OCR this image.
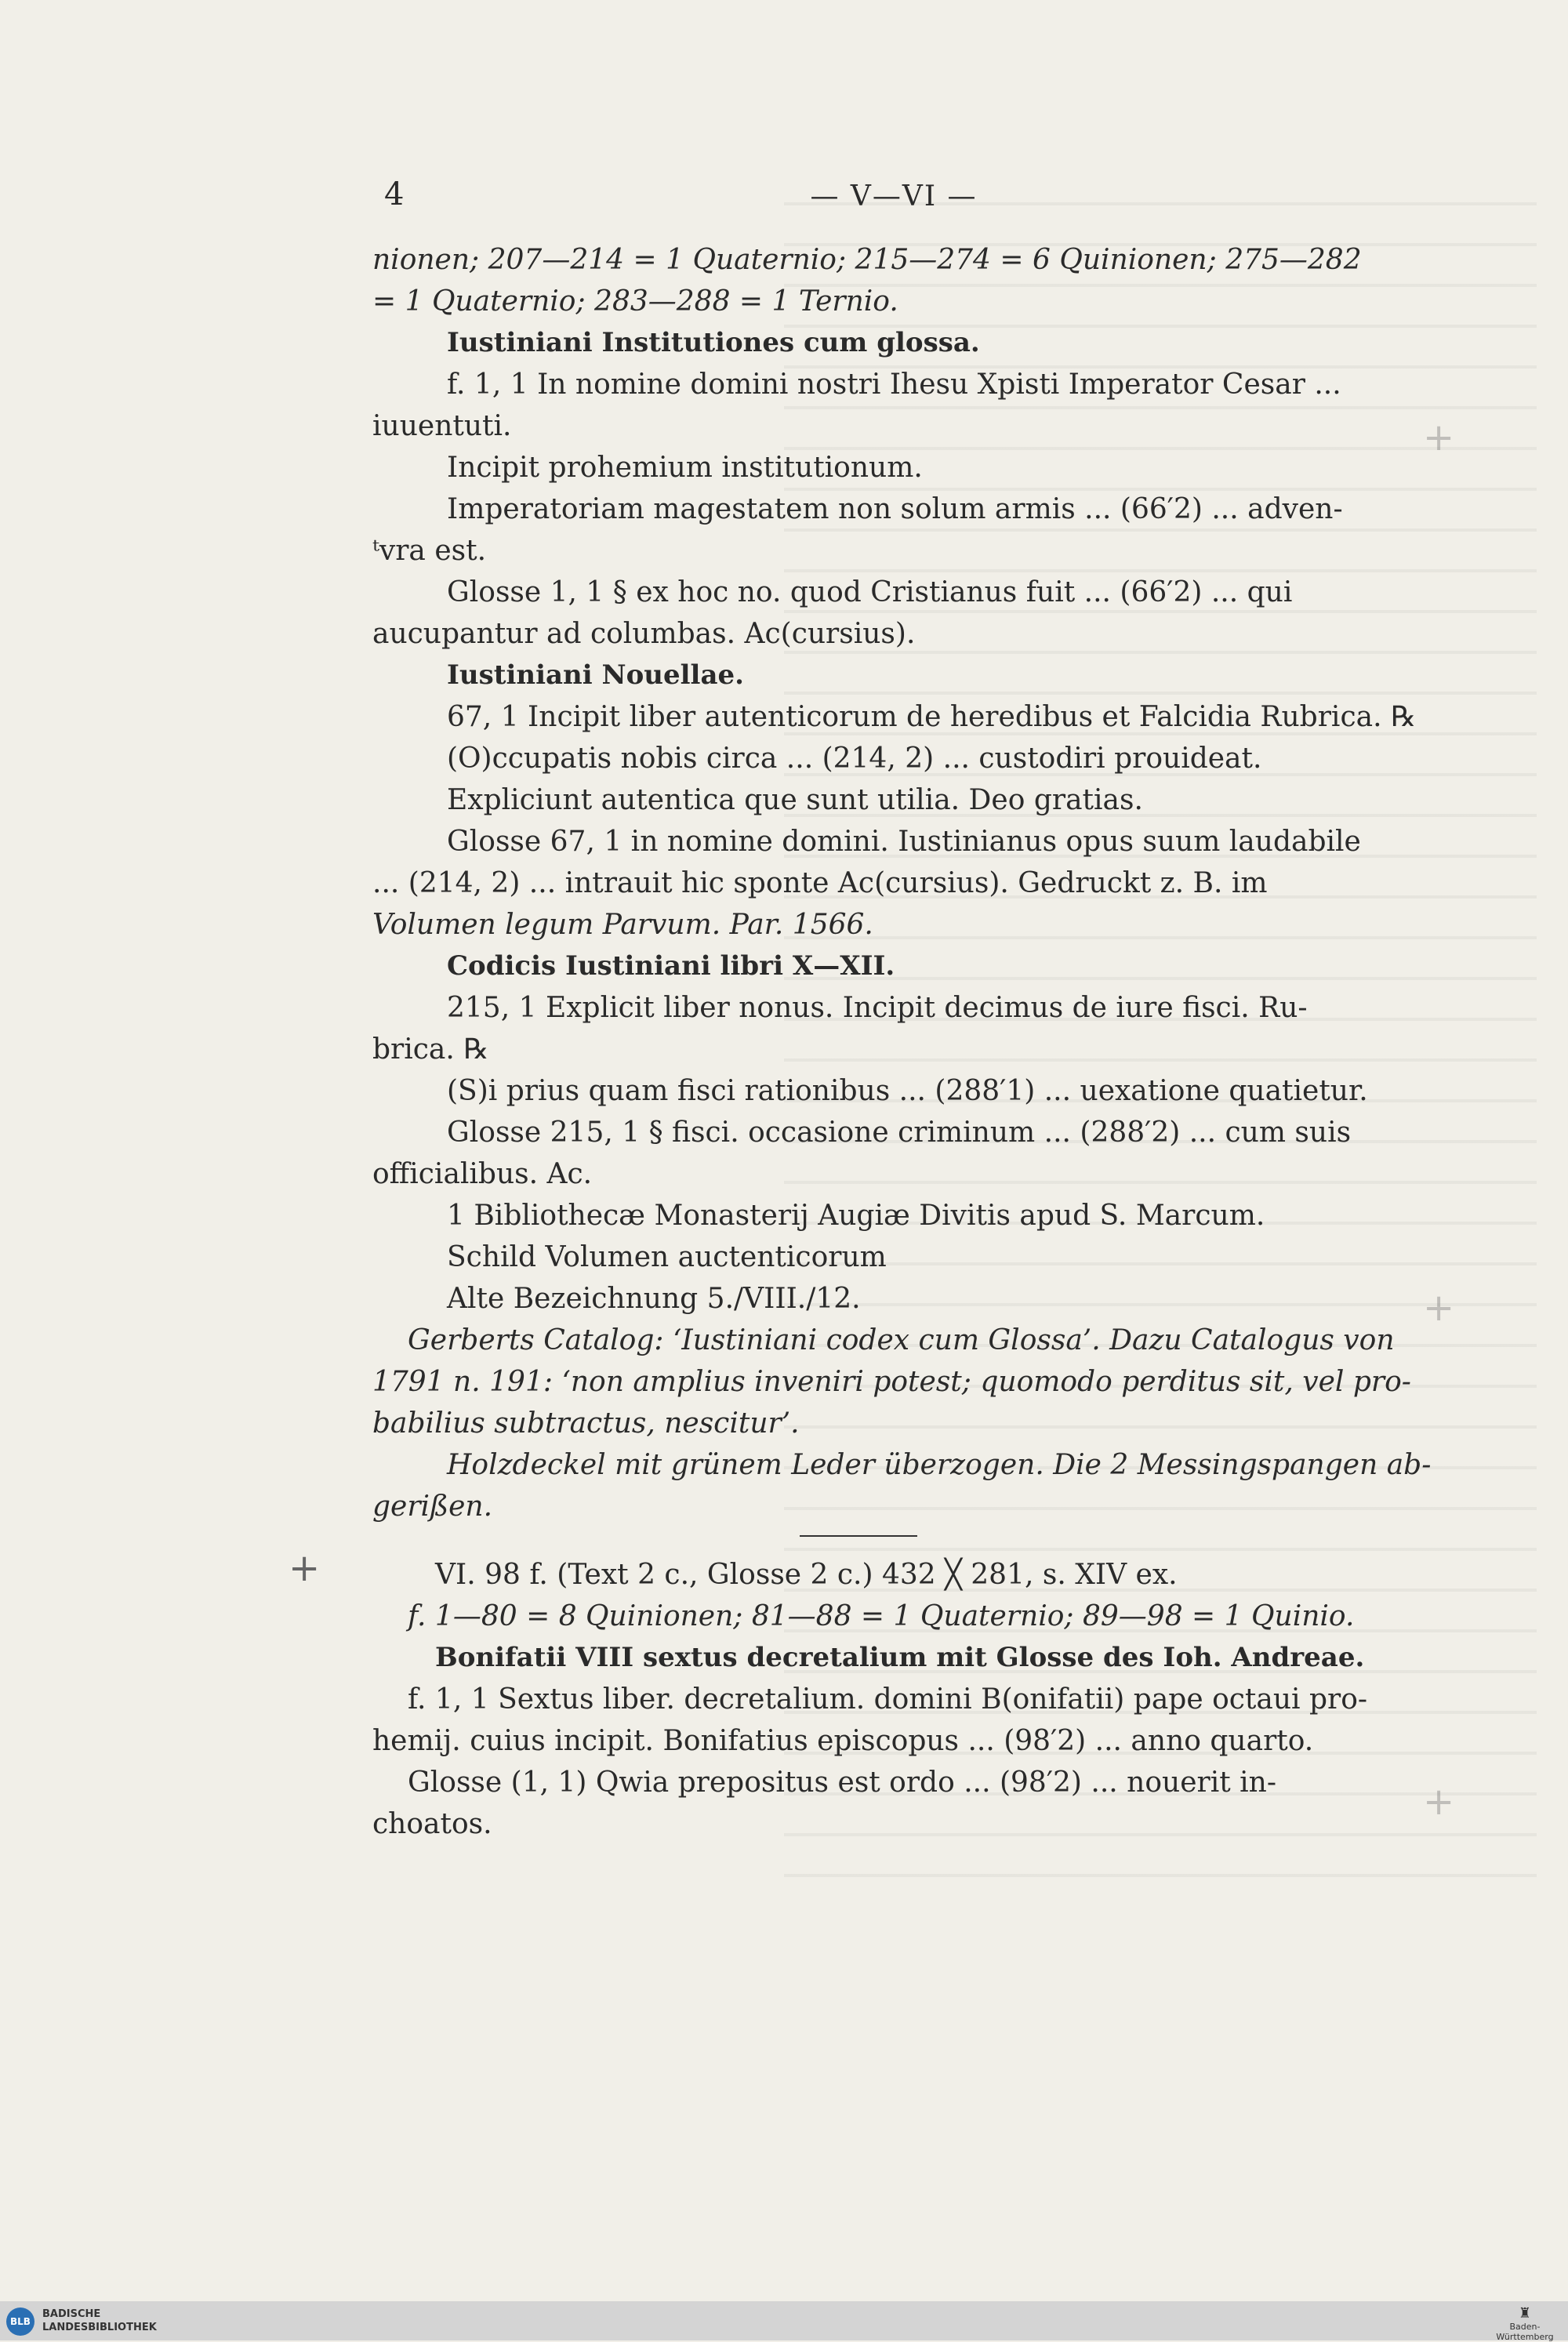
4	— V—VI —
nionen; 207—214 = 1 Quaternio; 215—274 = 6 Quinionen; 275—282
= 1 Quaternio; 283—288 = 1 Ternio.
Iustiniani Institutiones cum glossa.
f. 1, 1 In nomine domini nostri Ihesu Xpisti Imperator Cesar ...
iuuentuti.
Incipit prohemium institutionum.
Imperatoriam magestatem non solum armis ... (66′2) ... adven-
ᵗvra est.
Glosse 1, 1 § ex hoc no. quod Cristianus fuit ... (66′2) ... qui
aucupantur ad columbas. Ac(cursius).
Iustiniani Nouellae.
67, 1 Incipit liber autenticorum de heredibus et Falcidia Rubrica. ℞
(O)ccupatis nobis circa ... (214, 2) ... custodiri prouideat.
Expliciunt autentica que sunt utilia. Deo gratias.
Glosse 67, 1 in nomine domini. Iustinianus opus suum laudabile
... (214, 2) ... intrauit hic sponte Ac(cursius). Gedruckt z. B. im
Volumen legum Parvum. Par. 1566.
Codicis Iustiniani libri X—XII.
215, 1 Explicit liber nonus. Incipit decimus de iure fisci. Ru-
brica. ℞
(S)i prius quam fisci rationibus ... (288′1) ... uexatione quatietur.
Glosse 215, 1 § fisci. occasione criminum ... (288′2) ... cum suis
officialibus. Ac.
1 Bibliothecæ Monasterij Augiæ Divitis apud S. Marcum.
Schild Volumen auctenticorum
Alte Bezeichnung 5./VIII./12.
Gerberts Catalog: ‘Iustiniani codex cum Glossa’. Dazu Catalogus von
1791 n. 191: ‘non amplius inveniri potest; quomodo perditus sit, vel pro-
babilius subtractus, nescitur’.
Holzdeckel mit grünem Leder überzogen. Die 2 Messingspangen ab-
gerißen.
VI. 98 f. (Text 2 c., Glosse 2 c.) 432 ╳ 281, s. XIV ex.
f. 1—80 = 8 Quinionen; 81—88 = 1 Quaternio; 89—98 = 1 Quinio.
Bonifatii VIII sextus decretalium mit Glosse des Ioh. Andreae.
f. 1, 1 Sextus liber. decretalium. domini B(onifatii) pape octaui pro-
hemij. cuius incipit. Bonifatius episcopus ... (98′2) ... anno quarto.
Glosse (1, 1) Qwia prepositus est ordo ... (98′2) ... nouerit in-
choatos.
+
+
+
+
BLB
BADISCHE
LANDESBIBLIOTHEK
♜
Baden-Württemberg
